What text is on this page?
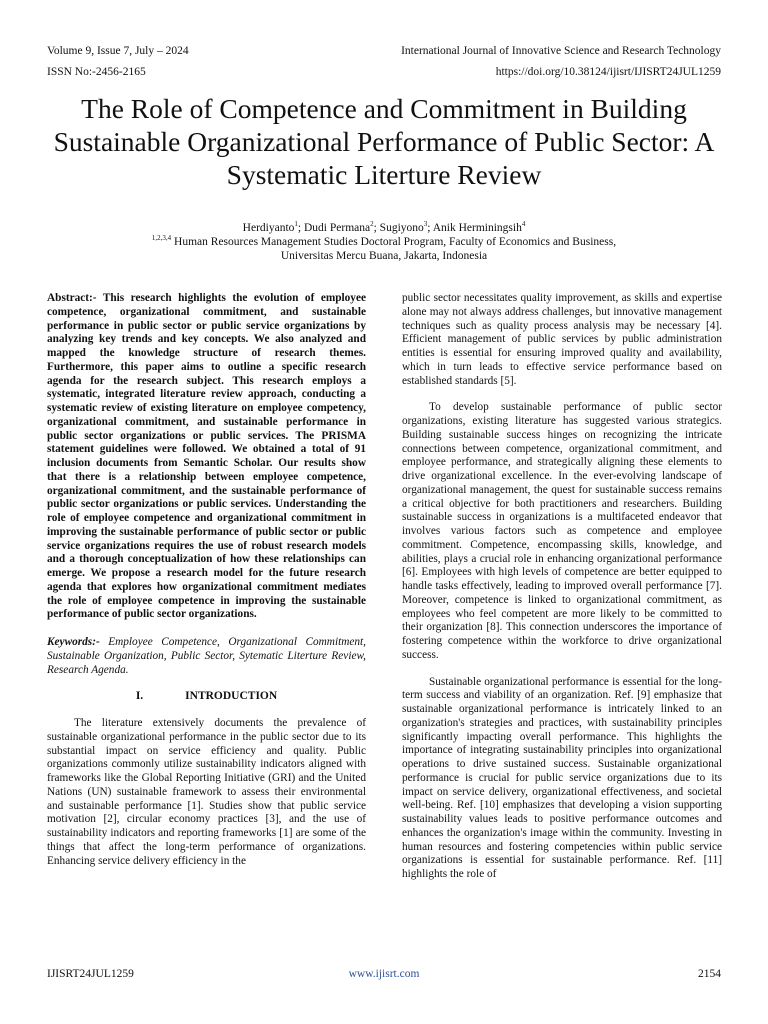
Volume 9, Issue 7, July – 2024	International Journal of Innovative Science and Research Technology
ISSN No:-2456-2165	https://doi.org/10.38124/ijisrt/IJISRT24JUL1259
The Role of Competence and Commitment in Building Sustainable Organizational Performance of Public Sector: A Systematic Literture Review
Herdiyanto$^1$; Dudi Permana$^2$; Sugiyono$^3$; Anik Herminingsih$^4$
$^{1,2,3,4}$ Human Resources Management Studies Doctoral Program, Faculty of Economics and Business,
Universitas Mercu Buana, Jakarta, Indonesia

Abstract:- This research highlights the evolution of employee competence, organizational commitment, and sustainable performance in public sector or public service organizations by analyzing key trends and key concepts. We also analyzed and mapped the knowledge structure of research themes. Furthermore, this paper aims to outline a specific research agenda for the research subject. This research employs a systematic, integrated literature review approach, conducting a systematic review of existing literature on employee competency, organizational commitment, and sustainable performance in public sector organizations or public services. The PRISMA statement guidelines were followed. We obtained a total of 91 inclusion documents from Semantic Scholar. Our results show that there is a relationship between employee competence, organizational commitment, and the sustainable performance of public sector organizations or public services. Understanding the role of employee competence and organizational commitment in improving the sustainable performance of public sector or public service organizations requires the use of robust research models and a thorough conceptualization of how these relationships can emerge. We propose a research model for the future research agenda that explores how organizational commitment mediates the role of employee competence in improving the sustainable performance of public sector organizations.

Keywords:- Employee Competence, Organizational Commitment, Sustainable Organization, Public Sector, Sytematic Literture Review, Research Agenda.

I.	INTRODUCTION

The literature extensively documents the prevalence of sustainable organizational performance in the public sector due to its substantial impact on service efficiency and quality. Public organizations commonly utilize sustainability indicators aligned with frameworks like the Global Reporting Initiative (GRI) and the United Nations (UN) sustainable framework to assess their environmental and sustainable performance [1]. Studies show that public service motivation [2], circular economy practices [3], and the use of sustainability indicators and reporting frameworks [1] are some of the things that affect the long-term performance of organizations. Enhancing service delivery efficiency in the

public sector necessitates quality improvement, as skills and expertise alone may not always address challenges, but innovative management techniques such as quality process analysis may be necessary [4]. Efficient management of public services by public administration entities is essential for ensuring improved quality and availability, which in turn leads to effective service performance based on established standards [5].

To develop sustainable performance of public sector organizations, existing literature has suggested various strategics. Building sustainable success hinges on recognizing the intricate connections between competence, organizational commitment, and employee performance, and strategically aligning these elements to drive organizational excellence. In the ever-evolving landscape of organizational management, the quest for sustainable success remains a critical objective for both practitioners and researchers. Building sustainable success in organizations is a multifaceted endeavor that involves various factors such as competence and employee commitment. Competence, encompassing skills, knowledge, and abilities, plays a crucial role in enhancing organizational performance [6]. Employees with high levels of competence are better equipped to handle tasks effectively, leading to improved overall performance [7]. Moreover, competence is linked to organizational commitment, as employees who feel competent are more likely to be committed to their organization [8]. This connection underscores the importance of fostering competence within the workforce to drive organizational success.

Sustainable organizational performance is essential for the long-term success and viability of an organization. Ref. [9] emphasize that sustainable organizational performance is intricately linked to an organization's strategies and practices, with sustainability principles significantly impacting overall performance. This highlights the importance of integrating sustainability principles into organizational operations to drive sustained success. Sustainable organizational performance is crucial for public service organizations due to its impact on service delivery, organizational effectiveness, and societal well-being. Ref. [10] emphasizes that developing a vision supporting sustainability values leads to positive performance outcomes and enhances the organization's image within the community. Investing in human resources and fostering competencies within public service organizations is essential for sustainable performance. Ref. [11] highlights the role of

IJISRT24JUL1259	www.ijisrt.com	2154
